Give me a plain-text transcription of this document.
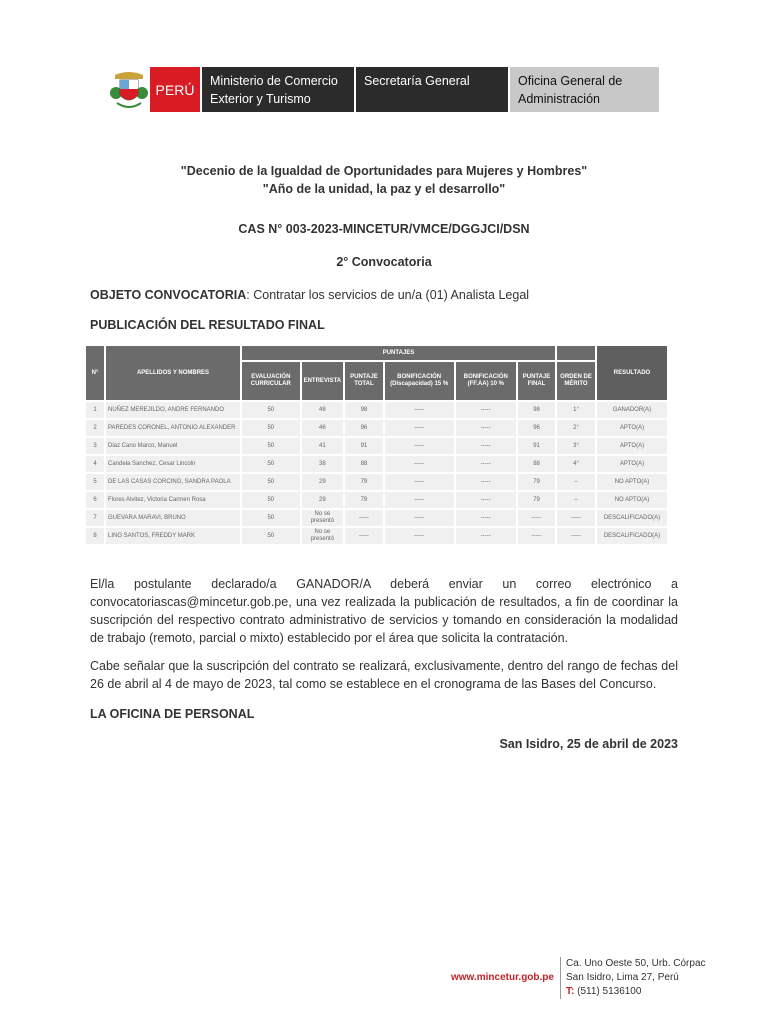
PERÚ
Ministerio de Comercio
Exterior y Turismo
Secretaría General	Oficina General de
Administración
"Decenio de la Igualdad de Oportunidades para Mujeres y Hombres"
"Año de la unidad, la paz y el desarrollo"
CAS N° 003-2023-MINCETUR/VMCE/DGGJCI/DSN
2° Convocatoria
OBJETO CONVOCATORIA: Contratar los servicios de un/a (01) Analista Legal
PUBLICACIÓN DEL RESULTADO FINAL
N°	APELLIDOS Y NOMBRES	PUNTAJES							RESULTADO
		EVALUACIÓN CURRICULAR	ENTREVISTA	PUNTAJE TOTAL	BONIFICACIÓN (Discapacidad) 15 %	BONIFICACIÓN (FF.AA) 10 %	PUNTAJE FINAL	ORDEN DE MÉRITO	
1	NUÑEZ MEREJILDO, ANDRE FERNANDO	50	48	98	-----	-----	98	1°	GANADOR(A)
2	PAREDES CORONEL, ANTONIO ALEXANDER	50	46	96	-----	-----	96	2°	APTO(A)
3	Diaz Cano Marco, Manuel	50	41	91	-----	-----	91	3°	APTO(A)
4	Candela Sanchez, Cesar Lincoln	50	38	88	-----	-----	88	4°	APTO(A)
5	DE LAS CASAS CORCINO, SANDRA PAOLA	50	29	79	-----	-----	79	--	NO APTO(A)
6	Flores Alvitez, Victoria Carmen Rosa	50	29	79	-----	-----	79	--	NO APTO(A)
7	GUEVARA MARAVI, BRUNO	50	No se presentó	-----	-----	-----	-----	-----	DESCALIFICADO(A)
8	LING SANTOS, FREDDY MARK	50	No se presentó	-----	-----	-----	-----	-----	DESCALIFICADO(A)
El/la postulante declarado/a GANADOR/A deberá enviar un correo electrónico a convocatoriascas@mincetur.gob.pe, una vez realizada la publicación de resultados, a fin de coordinar la suscripción del respectivo contrato administrativo de servicios y tomando en consideración la modalidad de trabajo (remoto, parcial o mixto) establecido por el área que solicita la contratación.
Cabe señalar que la suscripción del contrato se realizará, exclusivamente, dentro del rango de fechas del 26 de abril al 4 de mayo de 2023, tal como se establece en el cronograma de las Bases del Concurso.
LA OFICINA DE PERSONAL
San Isidro, 25 de abril de 2023
www.mincetur.gob.pe
Ca. Uno Oeste 50, Urb. Córpac
San Isidro, Lima 27, Perú
T: (511) 5136100
